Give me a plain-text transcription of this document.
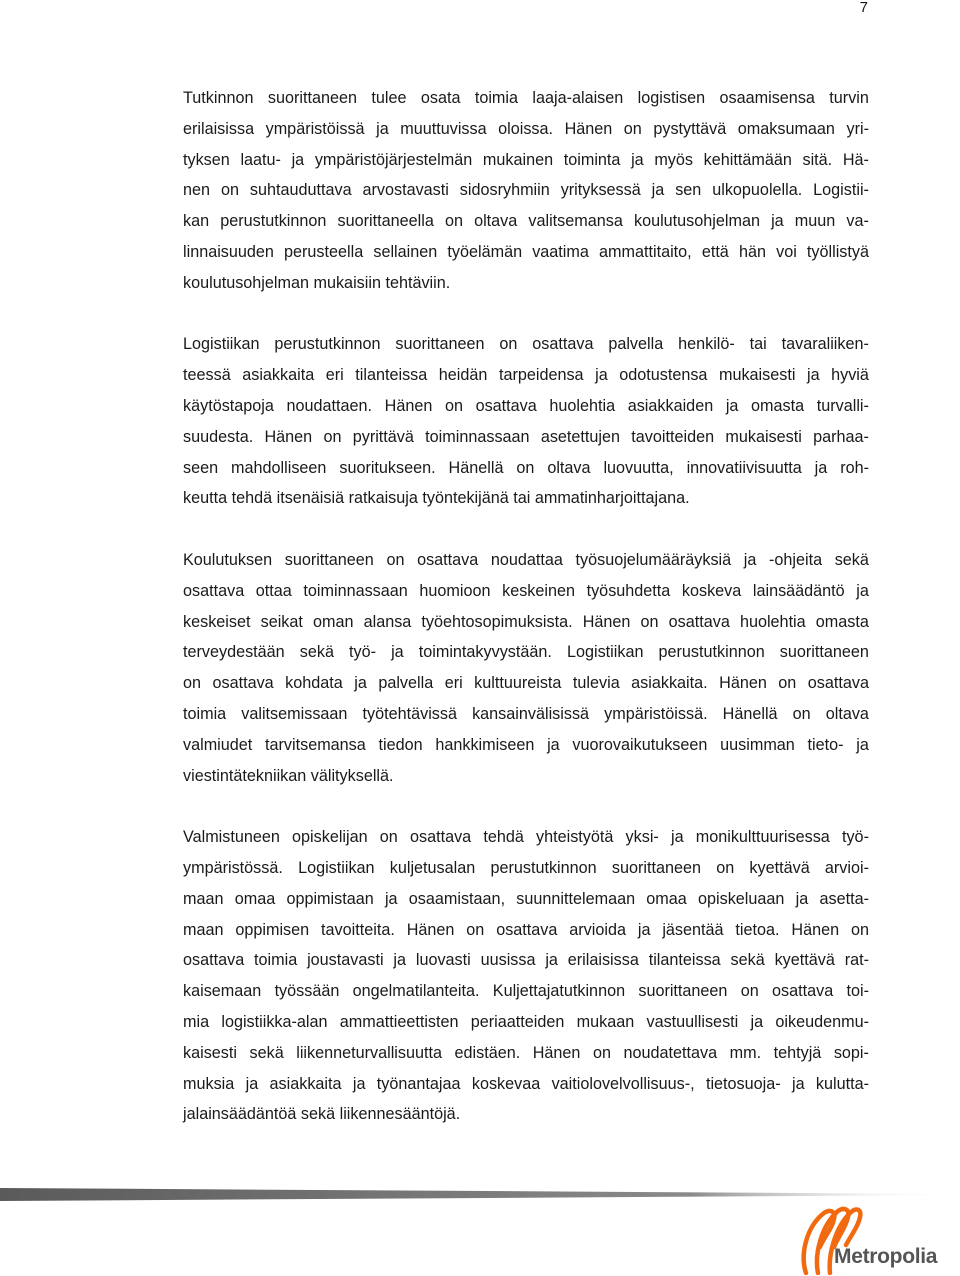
7
Tutkinnon suorittaneen tulee osata toimia laaja-alaisen logistisen osaamisensa turvin
erilaisissa ympäristöissä ja muuttuvissa oloissa. Hänen on pystyttävä omaksumaan yri-
tyksen laatu- ja ympäristöjärjestelmän mukainen toiminta ja myös kehittämään sitä. Hä-
nen on suhtauduttava arvostavasti sidosryhmiin yrityksessä ja sen ulkopuolella. Logistii-
kan perustutkinnon suorittaneella on oltava valitsemansa koulutusohjelman ja muun va-
linnaisuuden perusteella sellainen työelämän vaatima ammattitaito, että hän voi työllistyä
koulutusohjelman mukaisiin tehtäviin.
Logistiikan perustutkinnon suorittaneen on osattava palvella henkilö- tai tavaraliiken-
teessä asiakkaita eri tilanteissa heidän tarpeidensa ja odotustensa mukaisesti ja hyviä
käytöstapoja noudattaen. Hänen on osattava huolehtia asiakkaiden ja omasta turvalli-
suudesta. Hänen on pyrittävä toiminnassaan asetettujen tavoitteiden mukaisesti parhaa-
seen mahdolliseen suoritukseen. Hänellä on oltava luovuutta, innovatiivisuutta ja roh-
keutta tehdä itsenäisiä ratkaisuja työntekijänä tai ammatinharjoittajana.
Koulutuksen suorittaneen on osattava noudattaa työsuojelumääräyksiä ja -ohjeita sekä
osattava ottaa toiminnassaan huomioon keskeinen työsuhdetta koskeva lainsäädäntö ja
keskeiset seikat oman alansa työehtosopimuksista. Hänen on osattava huolehtia omasta
terveydestään sekä työ- ja toimintakyvystään. Logistiikan perustutkinnon suorittaneen
on osattava kohdata ja palvella eri kulttuureista tulevia asiakkaita. Hänen on osattava
toimia valitsemissaan työtehtävissä kansainvälisissä ympäristöissä. Hänellä on oltava
valmiudet tarvitsemansa tiedon hankkimiseen ja vuorovaikutukseen uusimman tieto- ja
viestintätekniikan välityksellä.
Valmistuneen opiskelijan on osattava tehdä yhteistyötä yksi- ja monikulttuurisessa työ-
ympäristössä. Logistiikan kuljetusalan perustutkinnon suorittaneen on kyettävä arvioi-
maan omaa oppimistaan ja osaamistaan, suunnittelemaan omaa opiskeluaan ja asetta-
maan oppimisen tavoitteita. Hänen on osattava arvioida ja jäsentää tietoa. Hänen on
osattava toimia joustavasti ja luovasti uusissa ja erilaisissa tilanteissa sekä kyettävä rat-
kaisemaan työssään ongelmatilanteita. Kuljettajatutkinnon suorittaneen on osattava toi-
mia logistiikka-alan ammattieettisten periaatteiden mukaan vastuullisesti ja oikeudenmu-
kaisesti sekä liikenneturvallisuutta edistäen. Hänen on noudatettava mm. tehtyjä sopi-
muksia ja asiakkaita ja työnantajaa koskevaa vaitiolovelvollisuus-, tietosuoja- ja kulutta-
jalainsäädäntöä sekä liikennesääntöjä.
Metropolia
